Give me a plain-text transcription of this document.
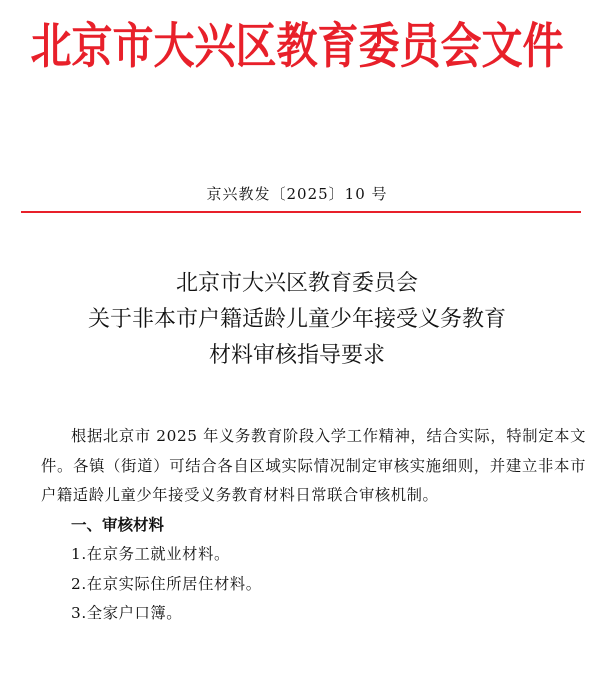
北京市大兴区教育委员会文件
京兴教发〔2025〕10 号
北京市大兴区教育委员会
关于非本市户籍适龄儿童少年接受义务教育
材料审核指导要求

根据北京市 2025 年义务教育阶段入学工作精神，结合实际，特制定本文件。各镇（街道）可结合各自区域实际情况制定审核实施细则，并建立非本市户籍适龄儿童少年接受义务教育材料日常联合审核机制。

一、审核材料

1.在京务工就业材料。

2.在京实际住所居住材料。

3.全家户口簿。
